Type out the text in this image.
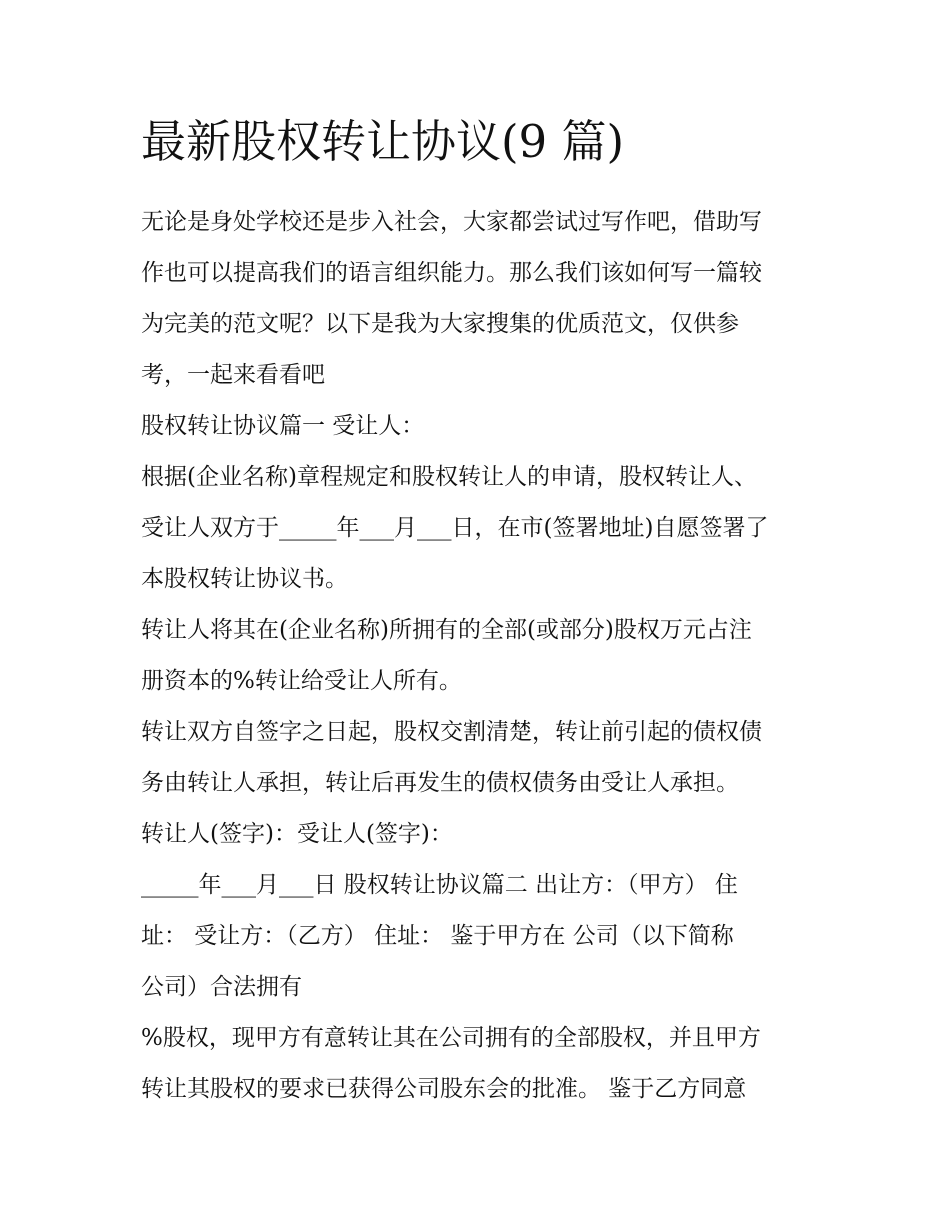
最新股权转让协议(9 篇)

无论是身处学校还是步入社会，大家都尝试过写作吧，借助写

作也可以提高我们的语言组织能力。那么我们该如何写一篇较

为完美的范文呢？以下是我为大家搜集的优质范文，仅供参

考，一起来看看吧

股权转让协议篇一 受让人：

根据(企业名称)章程规定和股权转让人的申请，股权转让人、

受让人双方于_____年___月___日，在市(签署地址)自愿签署了

本股权转让协议书。

转让人将其在(企业名称)所拥有的全部(或部分)股权万元占注

册资本的%转让给受让人所有。

转让双方自签字之日起，股权交割清楚，转让前引起的债权债

务由转让人承担，转让后再发生的债权债务由受让人承担。

转让人(签字)：受让人(签字)：

_____年___月___日 股权转让协议篇二 出让方：（甲方） 住

址： 受让方：（乙方） 住址： 鉴于甲方在 公司（以下简称

公司）合法拥有

%股权，现甲方有意转让其在公司拥有的全部股权，并且甲方

转让其股权的要求已获得公司股东会的批准。 鉴于乙方同意
